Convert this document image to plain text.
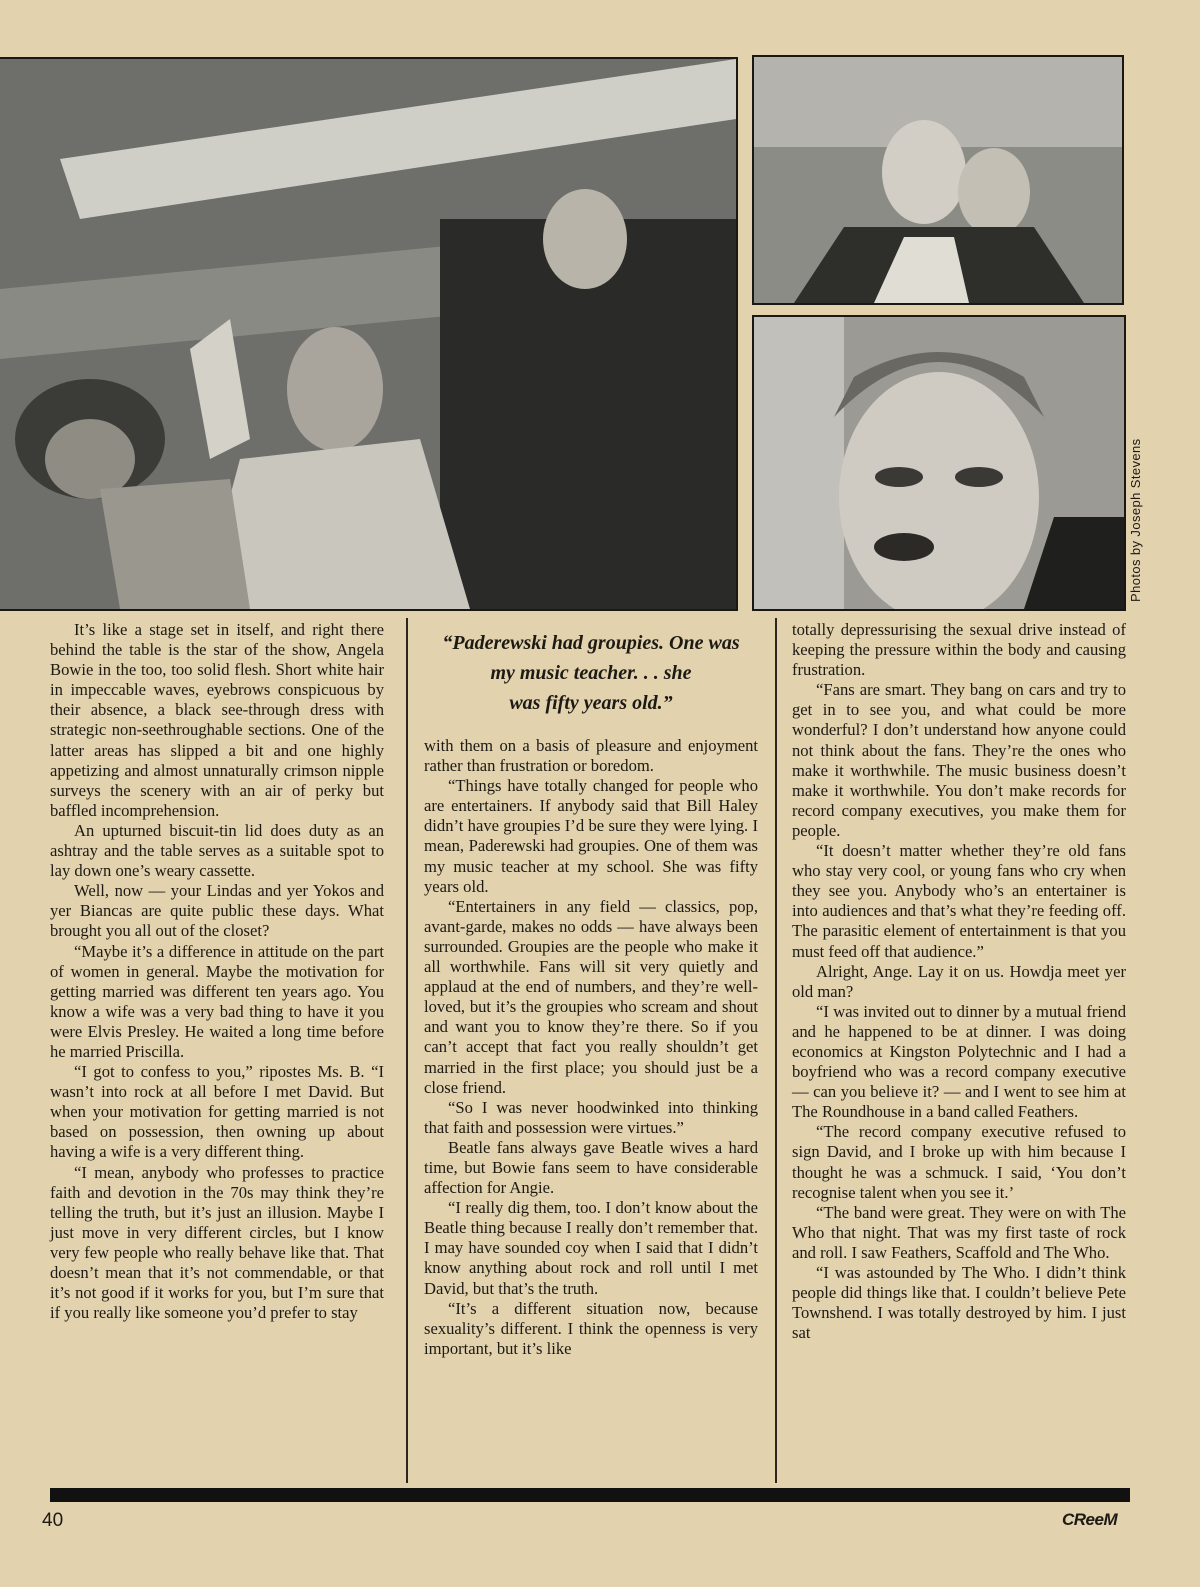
Photos by Joseph Stevens

It’s like a stage set in itself, and right there behind the table is the star of the show, Angela Bowie in the too, too solid flesh. Short white hair in impeccable waves, eyebrows conspicuous by their absence, a black see-through dress with strategic non-seethroughable sections. One of the latter areas has slipped a bit and one highly appetizing and almost unnaturally crimson nipple surveys the scenery with an air of perky but baffled incomprehension.

An upturned biscuit-tin lid does duty as an ashtray and the table serves as a suitable spot to lay down one’s weary cassette.

Well, now — your Lindas and yer Yokos and yer Biancas are quite public these days. What brought you all out of the closet?

“Maybe it’s a difference in attitude on the part of women in general. Maybe the motivation for getting married was different ten years ago. You know a wife was a very bad thing to have it you were Elvis Presley. He waited a long time before he married Priscilla.

“I got to confess to you,” ripostes Ms. B. “I wasn’t into rock at all before I met David. But when your motivation for getting married is not based on possession, then owning up about having a wife is a very different thing.

“I mean, anybody who professes to practice faith and devotion in the 70s may think they’re telling the truth, but it’s just an illusion. Maybe I just move in very different circles, but I know very few people who really behave like that. That doesn’t mean that it’s not commendable, or that it’s not good if it works for you, but I’m sure that if you really like someone you’d prefer to stay

“Paderewski had groupies. One was

my music teacher. . . she

was fifty years old.”

with them on a basis of pleasure and enjoyment rather than frustration or boredom.

“Things have totally changed for people who are entertainers. If anybody said that Bill Haley didn’t have groupies I’d be sure they were lying. I mean, Paderewski had groupies. One of them was my music teacher at my school. She was fifty years old.

“Entertainers in any field — classics, pop, avant-garde, makes no odds — have always been surrounded. Groupies are the people who make it all worthwhile. Fans will sit very quietly and applaud at the end of numbers, and they’re well-loved, but it’s the groupies who scream and shout and want you to know they’re there. So if you can’t accept that fact you really shouldn’t get married in the first place; you should just be a close friend.

“So I was never hoodwinked into thinking that faith and possession were virtues.”

Beatle fans always gave Beatle wives a hard time, but Bowie fans seem to have considerable affection for Angie.

“I really dig them, too. I don’t know about the Beatle thing because I really don’t remember that. I may have sounded coy when I said that I didn’t know anything about rock and roll until I met David, but that’s the truth.

“It’s a different situation now, because sexuality’s different. I think the openness is very important, but it’s like

totally depressurising the sexual drive instead of keeping the pressure within the body and causing frustration.

“Fans are smart. They bang on cars and try to get in to see you, and what could be more wonderful? I don’t understand how anyone could not think about the fans. They’re the ones who make it worthwhile. The music business doesn’t make it worthwhile. You don’t make records for record company executives, you make them for people.

“It doesn’t matter whether they’re old fans who stay very cool, or young fans who cry when they see you. Anybody who’s an entertainer is into audiences and that’s what they’re feeding off. The parasitic element of entertainment is that you must feed off that audience.”

Alright, Ange. Lay it on us. Howdja meet yer old man?

“I was invited out to dinner by a mutual friend and he happened to be at dinner. I was doing economics at Kingston Polytechnic and I had a boyfriend who was a record company executive — can you believe it? — and I went to see him at The Roundhouse in a band called Feathers.

“The record company executive refused to sign David, and I broke up with him because I thought he was a schmuck. I said, ‘You don’t recognise talent when you see it.’

“The band were great. They were on with The Who that night. That was my first taste of rock and roll. I saw Feathers, Scaffold and The Who.

“I was astounded by The Who. I didn’t think people did things like that. I couldn’t believe Pete Townshend. I was totally destroyed by him. I just sat

40	CReeM
